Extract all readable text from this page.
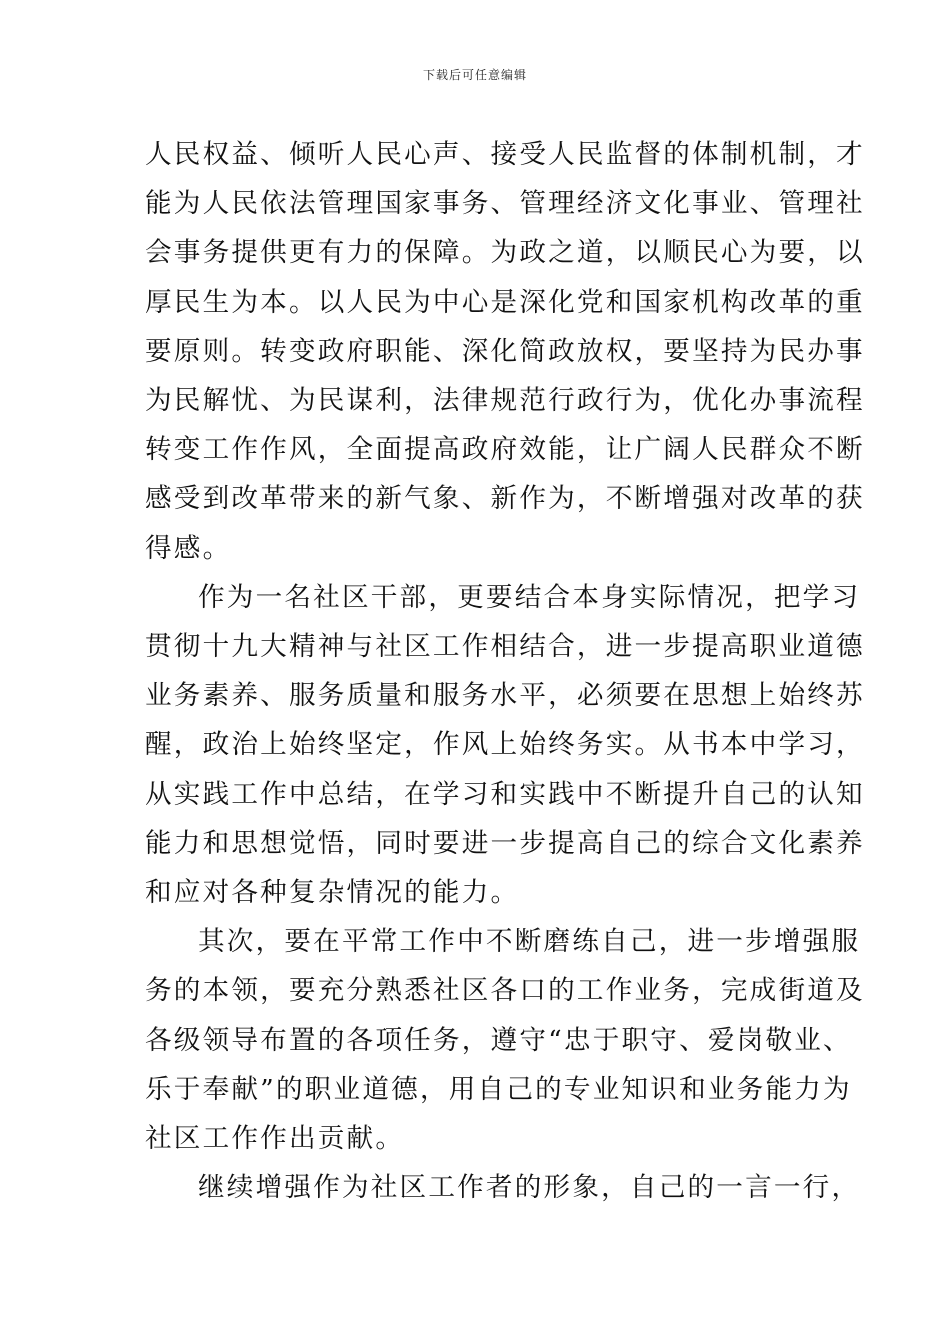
下载后可任意编辑

人民权益、倾听人民心声、接受人民监督的体制机制，才
能为人民依法管理国家事务、管理经济文化事业、管理社
会事务提供更有力的保障。为政之道，以顺民心为要，以
厚民生为本。以人民为中心是深化党和国家机构改革的重
要原则。转变政府职能、深化简政放权，要坚持为民办事
为民解忧、为民谋利，法律规范行政行为，优化办事流程
转变工作作风，全面提高政府效能，让广阔人民群众不断
感受到改革带来的新气象、新作为，不断增强对改革的获
得感。

作为一名社区干部，更要结合本身实际情况，把学习
贯彻十九大精神与社区工作相结合，进一步提高职业道德
业务素养、服务质量和服务水平，必须要在思想上始终苏
醒，政治上始终坚定，作风上始终务实。从书本中学习，
从实践工作中总结，在学习和实践中不断提升自己的认知
能力和思想觉悟，同时要进一步提高自己的综合文化素养
和应对各种复杂情况的能力。

其次，要在平常工作中不断磨练自己，进一步增强服
务的本领，要充分熟悉社区各口的工作业务，完成街道及
各级领导布置的各项任务，遵守“忠于职守、爱岗敬业、
乐于奉献”的职业道德，用自己的专业知识和业务能力为
社区工作作出贡献。

继续增强作为社区工作者的形象，自己的一言一行，
